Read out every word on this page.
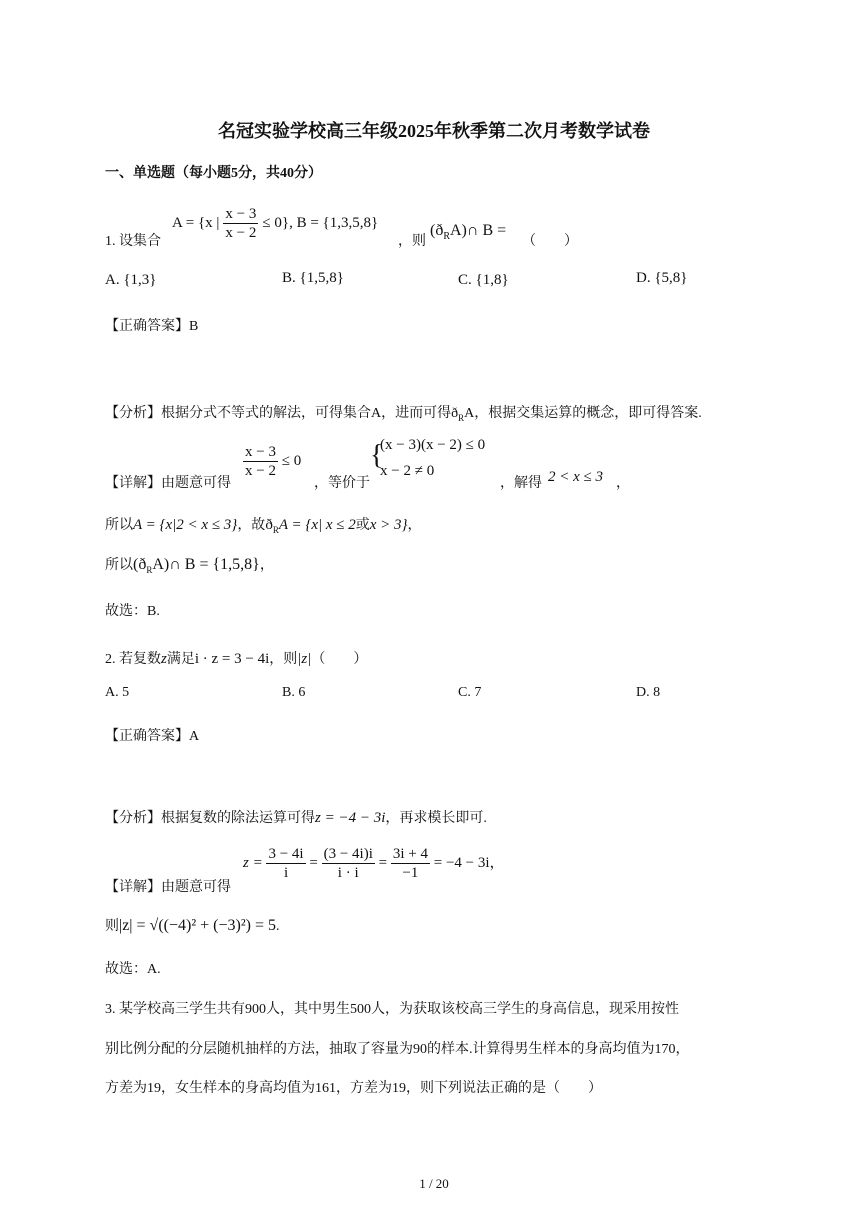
名冠实验学校高三年级2025年秋季第二次月考数学试卷
一、单选题（每小题5分，共40分）
1. 设集合
A = {x | $\frac{x - 3}{x - 2} \le 0$}, B = {1,3,5,8}
，则
$(ð_RA)\cap$ B =
（　　）
A. {1,3}	B. {1,5,8}	C. {1,8}	D. {5,8}
【正确答案】B
【分析】根据分式不等式的解法，可得集合A，进而可得$ð_RA$，根据交集运算的概念，即可得答案.
【详解】由题意可得
$\frac{x - 3}{x - 2} \le 0$
，等价于
{
(x − 3)(x − 2) ≤ 0
x − 2 ≠ 0
，解得 2 < x ≤ 3 ，
所以A = {x|2 < x ≤ 3}，故$ð_RA = \{x|$ x ≤ 2或x > 3}，
所以$(ð_RA)\cap$ B = {1,5,8}，
故选：B.
2. 若复数z满足i · z = 3 − 4i，则|z|（　　）
A. 5	B. 6	C. 7	D. 8
【正确答案】A
【分析】根据复数的除法运算可得z = −4 − 3i，再求模长即可.
【详解】由题意可得
$z = \frac{3 - 4i}{i} = \frac{(3 - 4i)i}{i \cdot i} = \frac{3i + 4}{-1} = -4 - 3i$，
则|z| = √((−4)² + (−3)²) = 5.
故选：A.
3. 某学校高三学生共有900人，其中男生500人，为获取该校高三学生的身高信息，现采用按性
别比例分配的分层随机抽样的方法，抽取了容量为90的样本.计算得男生样本的身高均值为170，
方差为19，女生样本的身高均值为161，方差为19，则下列说法正确的是（　　）
1 / 20
